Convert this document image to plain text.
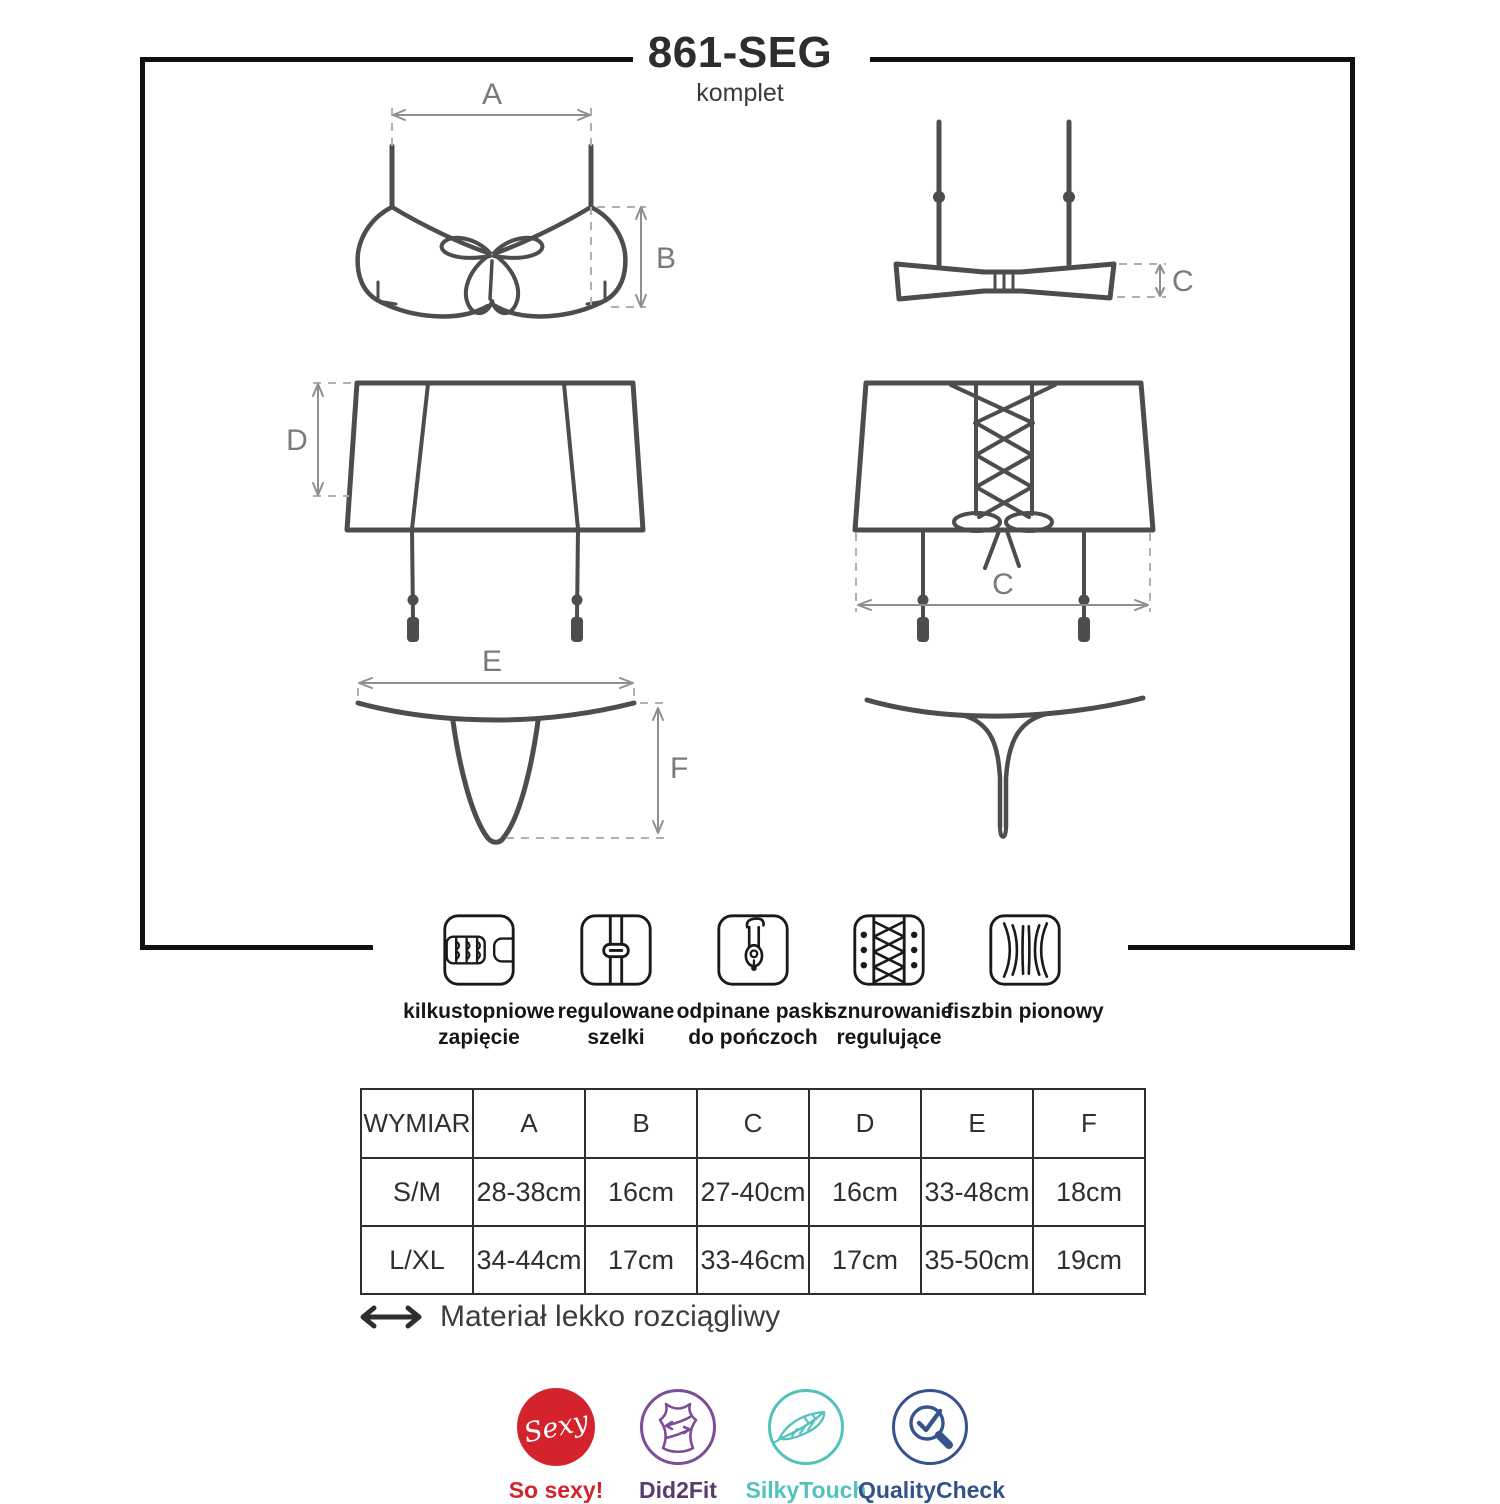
861-SEG
komplet
A
B
C
D
C
E
F
kilkustopniowe
zapięcie
regulowane
szelki
odpinane paski
do pończoch
sznurowanie
regulujące
fiszbin pionowy
WYMIAR	A	B	C	D	E	F
S/M	28-38cm	16cm	27-40cm	16cm	33-48cm	18cm
L/XL	34-44cm	17cm	33-46cm	17cm	35-50cm	19cm
Materiał lekko rozciągliwy
Sexy
So sexy!	Did2Fit	SilkyTouch
QualityCheck
